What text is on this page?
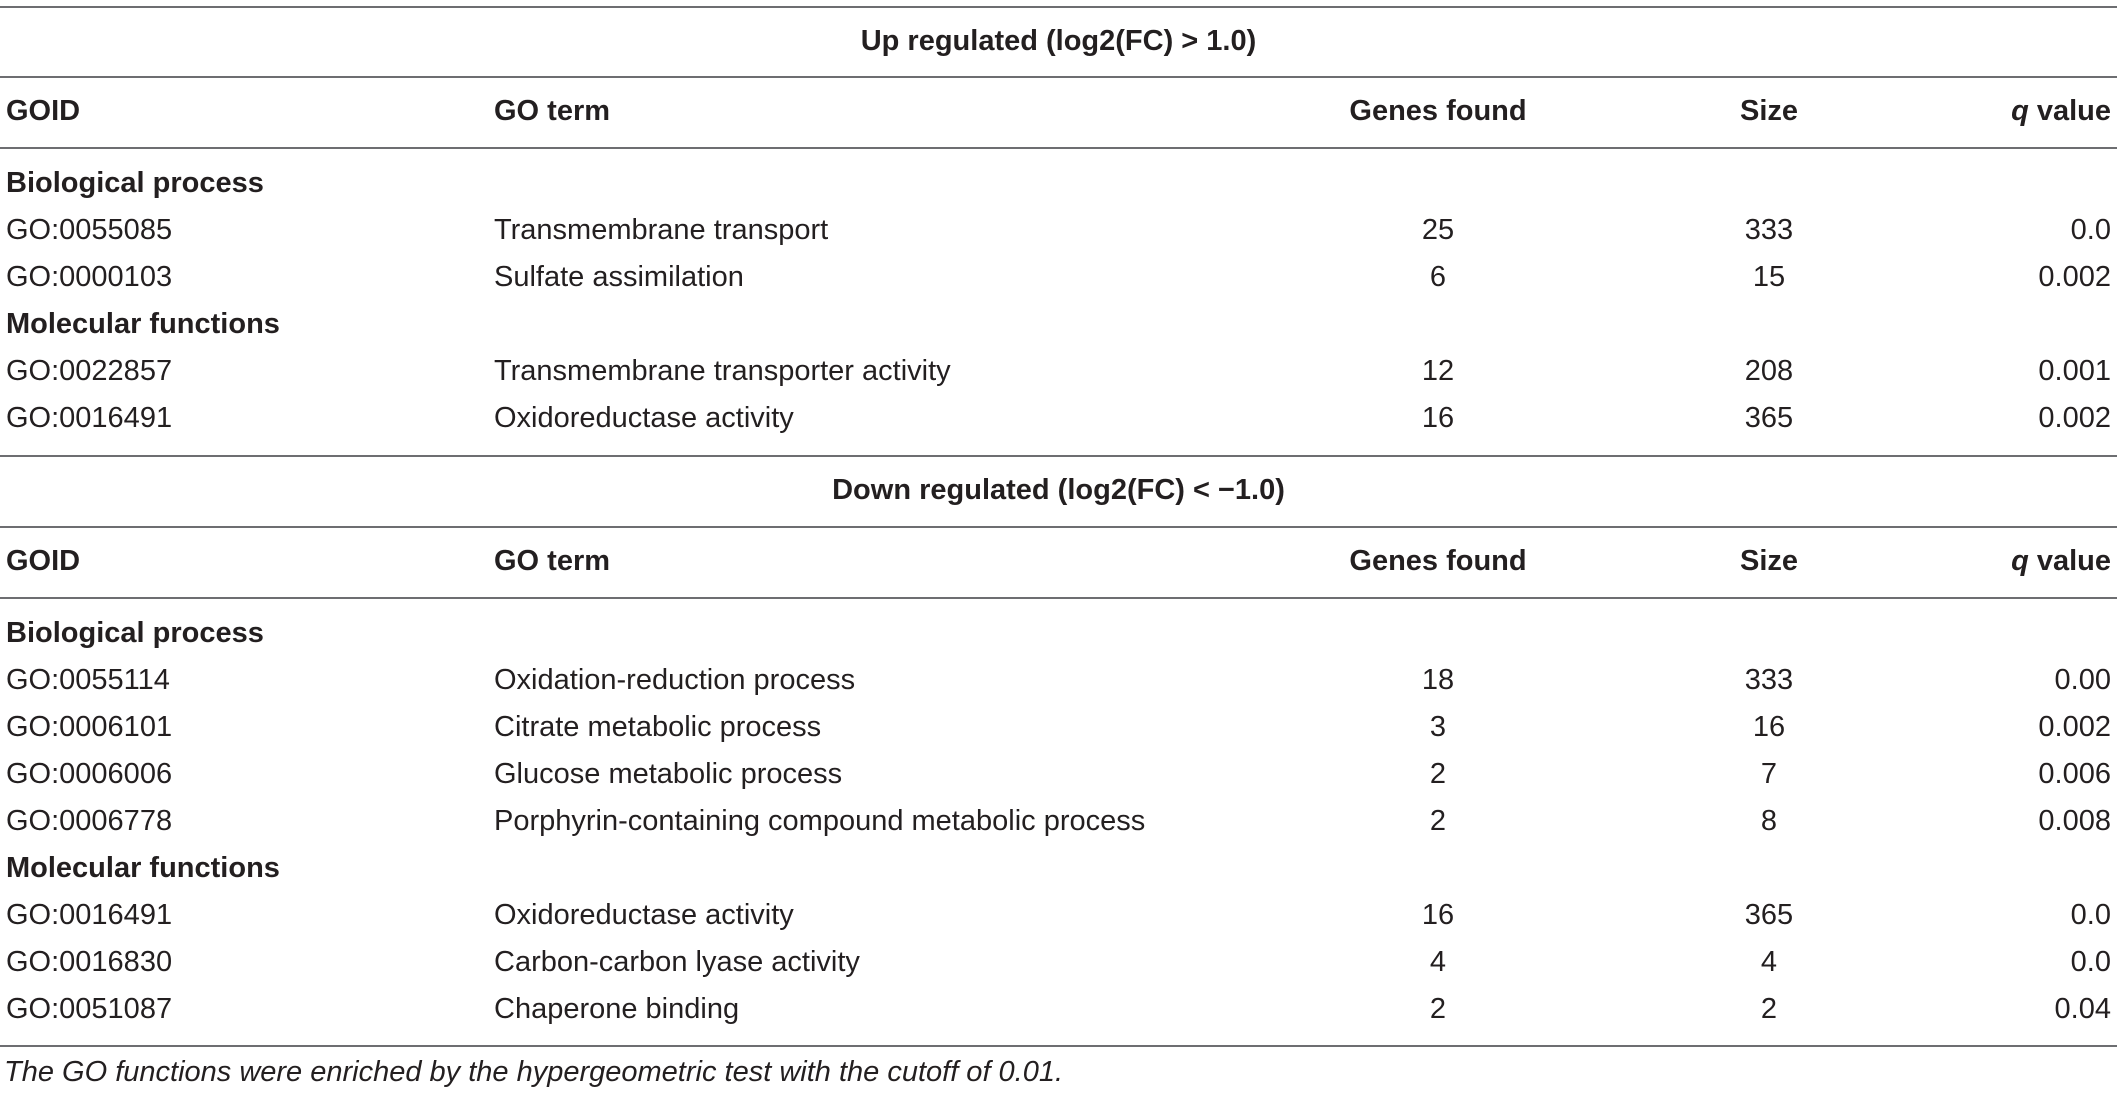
Up regulated (log2(FC) > 1.0)
GOID	GO term	Genes found	Size	q value
Biological process
GO:0055085	Transmembrane transport	25	333	0.0
GO:0000103	Sulfate assimilation	6	15	0.002
Molecular functions
GO:0022857	Transmembrane transporter activity	12	208	0.001
GO:0016491	Oxidoreductase activity	16	365	0.002
Down regulated (log2(FC) < −1.0)
GOID	GO term	Genes found	Size	q value
Biological process
GO:0055114	Oxidation-reduction process	18	333	0.00
GO:0006101	Citrate metabolic process	3	16	0.002
GO:0006006	Glucose metabolic process	2	7	0.006
GO:0006778	Porphyrin-containing compound metabolic process	2	8	0.008
Molecular functions
GO:0016491	Oxidoreductase activity	16	365	0.0
GO:0016830	Carbon-carbon lyase activity	4	4	0.0
GO:0051087	Chaperone binding	2	2	0.04
The GO functions were enriched by the hypergeometric test with the cutoff of 0.01.
